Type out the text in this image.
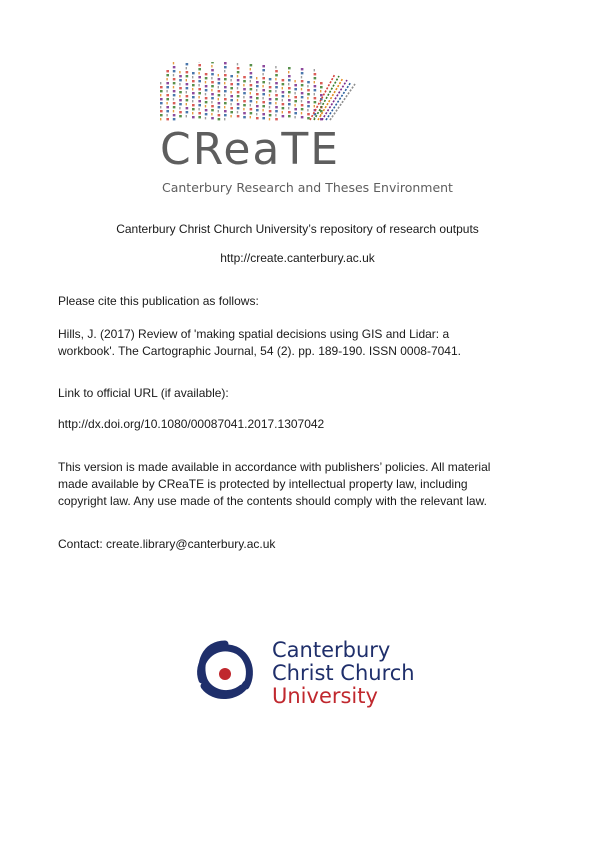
CReaTE
Canterbury Research and Theses Environment
Canterbury Christ Church University’s repository of research outputs
http://create.canterbury.ac.uk
Please cite this publication as follows:
Hills, J. (2017) Review of 'making spatial decisions using GIS and Lidar: a
workbook'. The Cartographic Journal, 54 (2). pp. 189-190. ISSN 0008-7041.
Link to official URL (if available):
http://dx.doi.org/10.1080/00087041.2017.1307042
This version is made available in accordance with publishers’ policies. All material
made available by CReaTE is protected by intellectual property law, including
copyright law. Any use made of the contents should comply with the relevant law.
Contact: create.library@canterbury.ac.uk
Canterbury
Christ Church
University
